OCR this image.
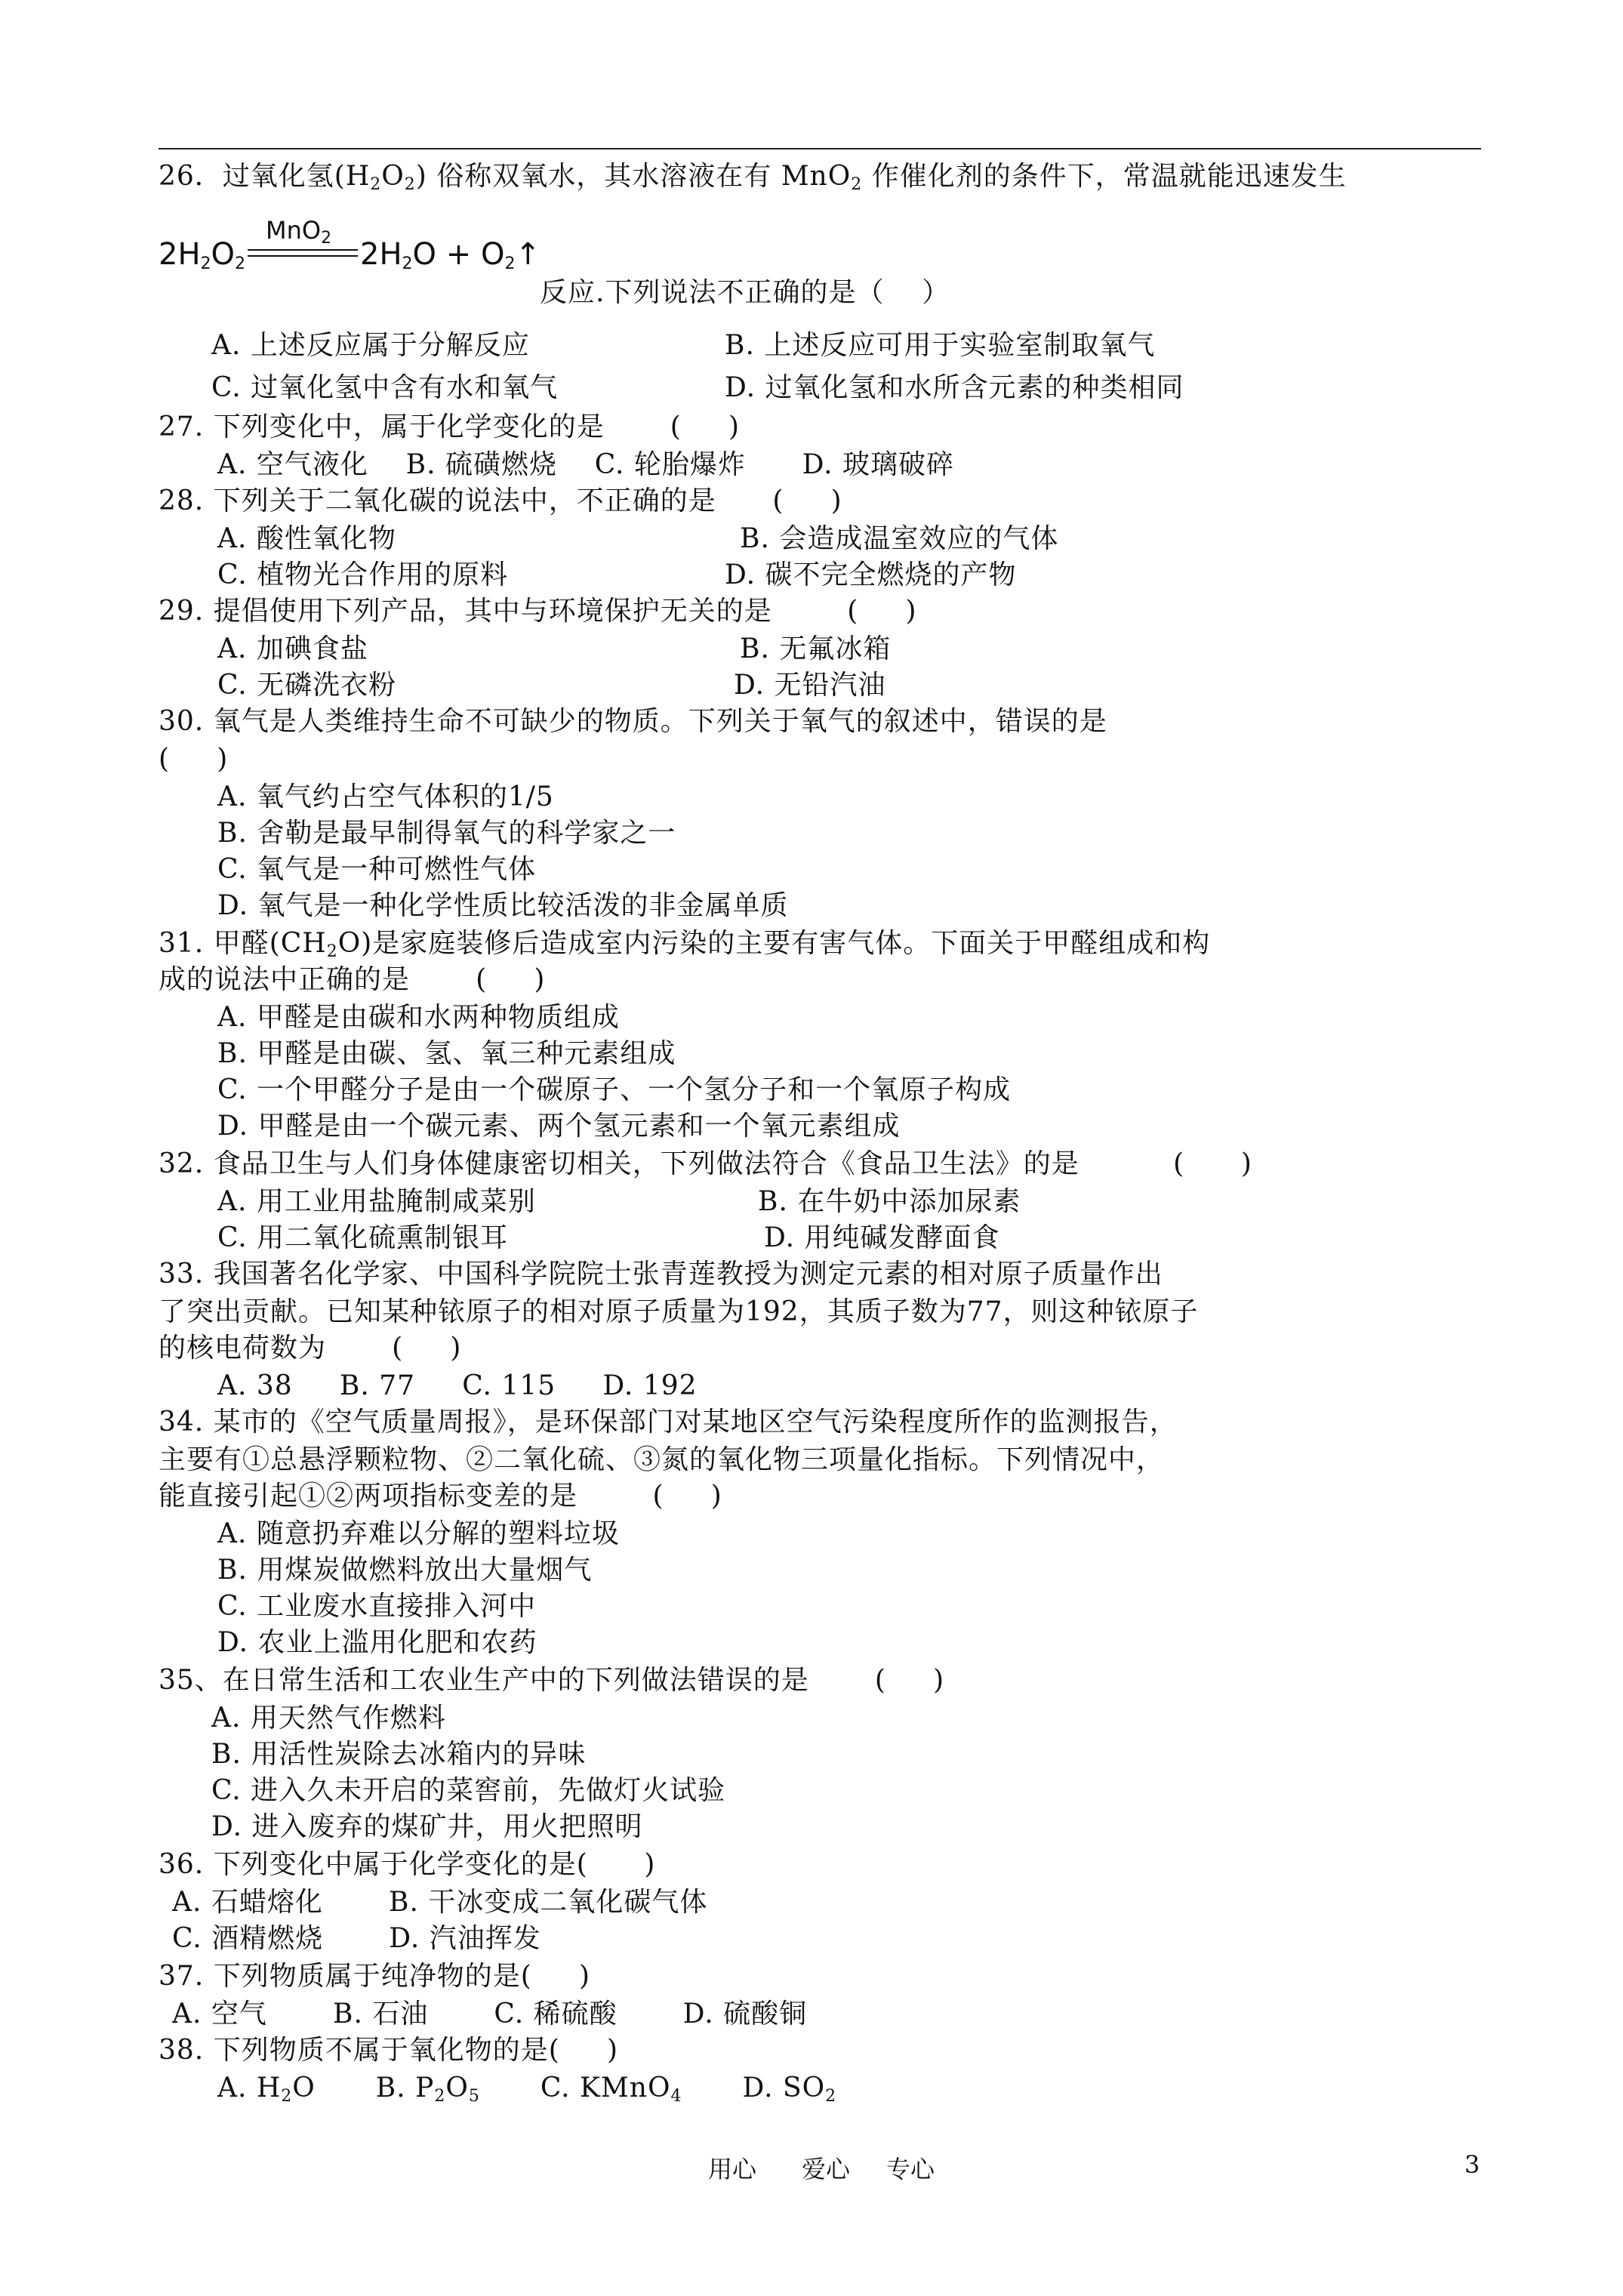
26．过氧化氢$(H_2O_2)$ 俗称双氧水，其水溶液在有 MnO$_2$ 作催化剂的条件下，常温就能迅速发生
MnO$_2$
$2H_2O_2$	$2H_2O$ + $O_2↑$
反应.下列说法不正确的是（    ）
A. 上述反应属于分解反应	B. 上述反应可用于实验室制取氧气
C. 过氧化氢中含有水和氧气	D. 过氧化氢和水所含元素的种类相同
27. 下列变化中，属于化学变化的是       (     )
A. 空气液化    B. 硫磺燃烧    C. 轮胎爆炸      D. 玻璃破碎
28. 下列关于二氧化碳的说法中，不正确的是      (     )
A. 酸性氧化物	B. 会造成温室效应的气体
C. 植物光合作用的原料	D. 碳不完全燃烧的产物
29. 提倡使用下列产品，其中与环境保护无关的是        (     )
A. 加碘食盐	B. 无氟冰箱
C. 无磷洗衣粉	D. 无铅汽油
30. 氧气是人类维持生命不可缺少的物质。下列关于氧气的叙述中，错误的是
(     )
A. 氧气约占空气体积的1/5
B. 舍勒是最早制得氧气的科学家之一
C. 氧气是一种可燃性气体
D. 氧气是一种化学性质比较活泼的非金属单质
31. 甲醛$(CH_2O)$是家庭装修后造成室内污染的主要有害气体。下面关于甲醛组成和构
成的说法中正确的是       (     )
A. 甲醛是由碳和水两种物质组成
B. 甲醛是由碳、氢、氧三种元素组成
C. 一个甲醛分子是由一个碳原子、一个氢分子和一个氧原子构成
D. 甲醛是由一个碳元素、两个氢元素和一个氧元素组成
32. 食品卫生与人们身体健康密切相关，下列做法符合《食品卫生法》的是          (      )
A. 用工业用盐腌制咸菜别	B. 在牛奶中添加尿素
C. 用二氧化硫熏制银耳	D. 用纯碱发酵面食
33. 我国著名化学家、中国科学院院士张青莲教授为测定元素的相对原子质量作出
了突出贡献。已知某种铱原子的相对原子质量为192，其质子数为77，则这种铱原子
的核电荷数为       (     )
A. 38     B. 77     C. 115     D. 192
34. 某市的《空气质量周报》，是环保部门对某地区空气污染程度所作的监测报告，
主要有①总悬浮颗粒物、②二氧化硫、③氮的氧化物三项量化指标。下列情况中，
能直接引起①②两项指标变差的是        (     )
A. 随意扔弃难以分解的塑料垃圾
B. 用煤炭做燃料放出大量烟气
C. 工业废水直接排入河中
D. 农业上滥用化肥和农药
35、在日常生活和工农业生产中的下列做法错误的是       (     )
A. 用天然气作燃料
B. 用活性炭除去冰箱内的异味
C. 进入久未开启的菜窖前，先做灯火试验
D. 进入废弃的煤矿井，用火把照明
36. 下列变化中属于化学变化的是(      )
A. 石蜡熔化       B. 干冰变成二氧化碳气体
C. 酒精燃烧       D. 汽油挥发
37. 下列物质属于纯净物的是(     )
A. 空气       B. 石油       C. 稀硫酸       D. 硫酸铜
38. 下列物质不属于氧化物的是(     )
A. $H_2O$ B. $P_2O_5$ C. KMnO$_4$ D. $SO_2$
用心 爱心 专心	3
